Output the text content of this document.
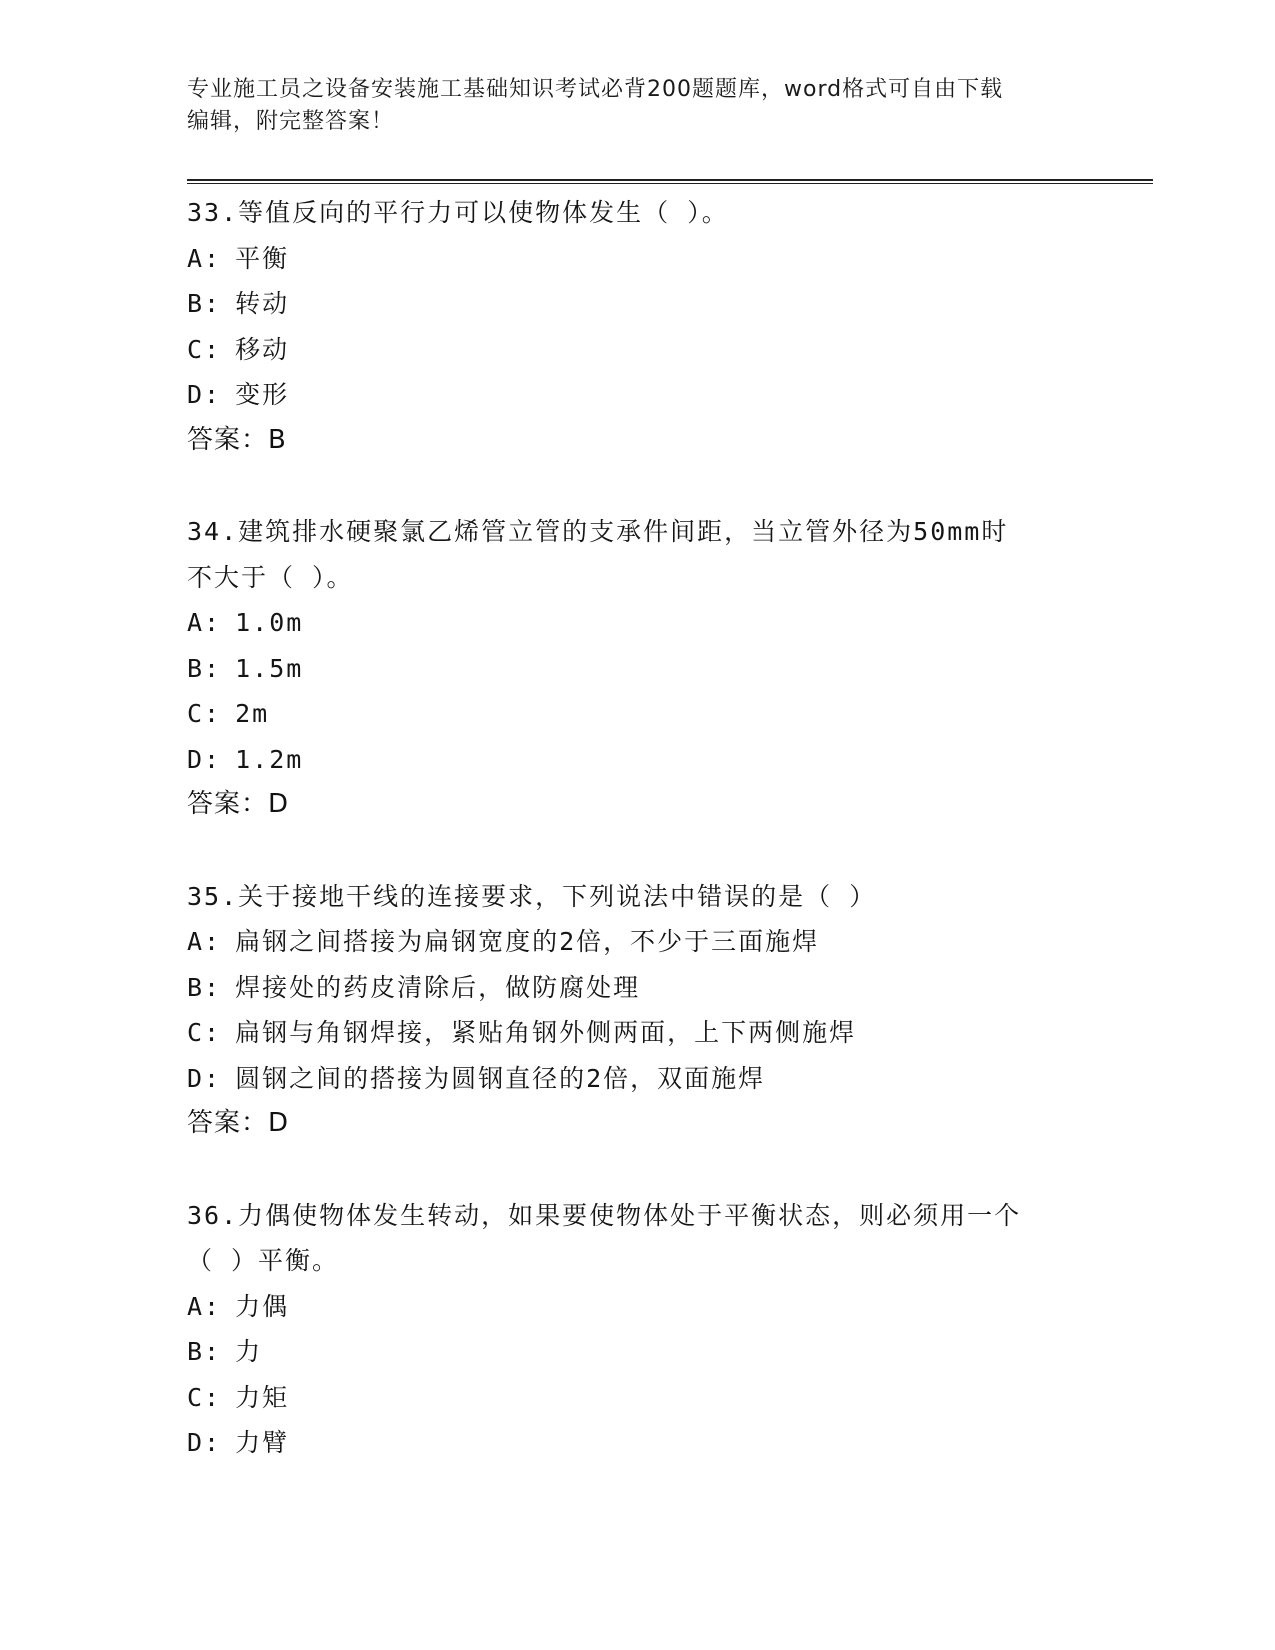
专业施工员之设备安装施工基础知识考试必背200题题库，word格式可自由下载
编辑，附完整答案！
33.等值反向的平行力可以使物体发生（ ）。
A: 平衡
B: 转动
C: 移动
D: 变形
答案：B
34.建筑排水硬聚氯乙烯管立管的支承件间距，当立管外径为50mm时
不大于（ ）。
A: 1.0m
B: 1.5m
C: 2m
D: 1.2m
答案：D
35.关于接地干线的连接要求，下列说法中错误的是（ ）
A: 扁钢之间搭接为扁钢宽度的2倍，不少于三面施焊
B: 焊接处的药皮清除后，做防腐处理
C: 扁钢与角钢焊接，紧贴角钢外侧两面，上下两侧施焊
D: 圆钢之间的搭接为圆钢直径的2倍，双面施焊
答案：D
36.力偶使物体发生转动，如果要使物体处于平衡状态，则必须用一个
（ ）平衡。
A: 力偶
B: 力
C: 力矩
D: 力臂
